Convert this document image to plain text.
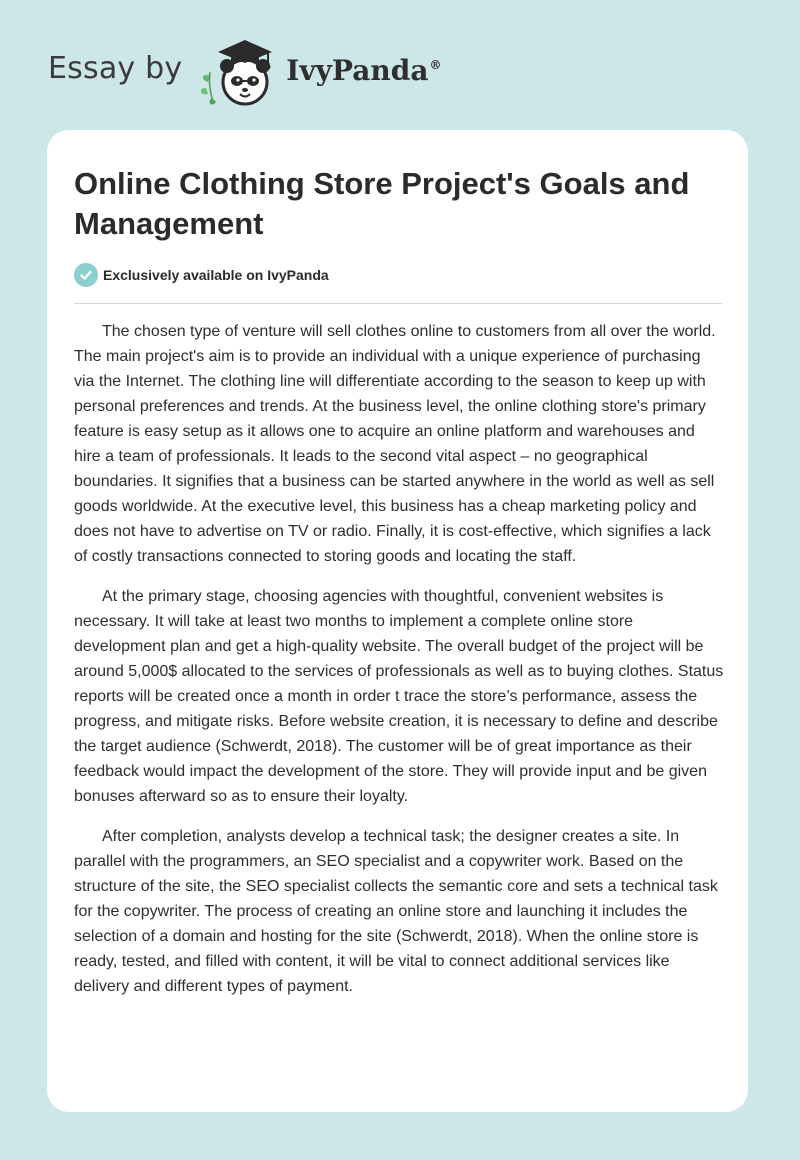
Essay by	IvyPanda®
Online Clothing Store Project's Goals and Management
Exclusively available on IvyPanda

The chosen type of venture will sell clothes online to customers from all over the world. The main project's aim is to provide an individual with a unique experience of purchasing via the Internet. The clothing line will differentiate according to the season to keep up with personal preferences and trends. At the business level, the online clothing store's primary feature is easy setup as it allows one to acquire an online platform and warehouses and hire a team of professionals. It leads to the second vital aspect – no geographical boundaries. It signifies that a business can be started anywhere in the world as well as sell goods worldwide. At the executive level, this business has a cheap marketing policy and does not have to advertise on TV or radio. Finally, it is cost-effective, which signifies a lack of costly transactions connected to storing goods and locating the staff.

At the primary stage, choosing agencies with thoughtful, convenient websites is necessary. It will take at least two months to implement a complete online store development plan and get a high-quality website. The overall budget of the project will be around 5,000$ allocated to the services of professionals as well as to buying clothes. Status reports will be created once a month in order t trace the store’s performance, assess the progress, and mitigate risks. Before website creation, it is necessary to define and describe the target audience (Schwerdt, 2018). The customer will be of great importance as their feedback would impact the development of the store. They will provide input and be given bonuses afterward so as to ensure their loyalty.

After completion, analysts develop a technical task; the designer creates a site. In parallel with the programmers, an SEO specialist and a copywriter work. Based on the structure of the site, the SEO specialist collects the semantic core and sets a technical task for the copywriter. The process of creating an online store and launching it includes the selection of a domain and hosting for the site (Schwerdt, 2018). When the online store is ready, tested, and filled with content, it will be vital to connect additional services like delivery and different types of payment.
